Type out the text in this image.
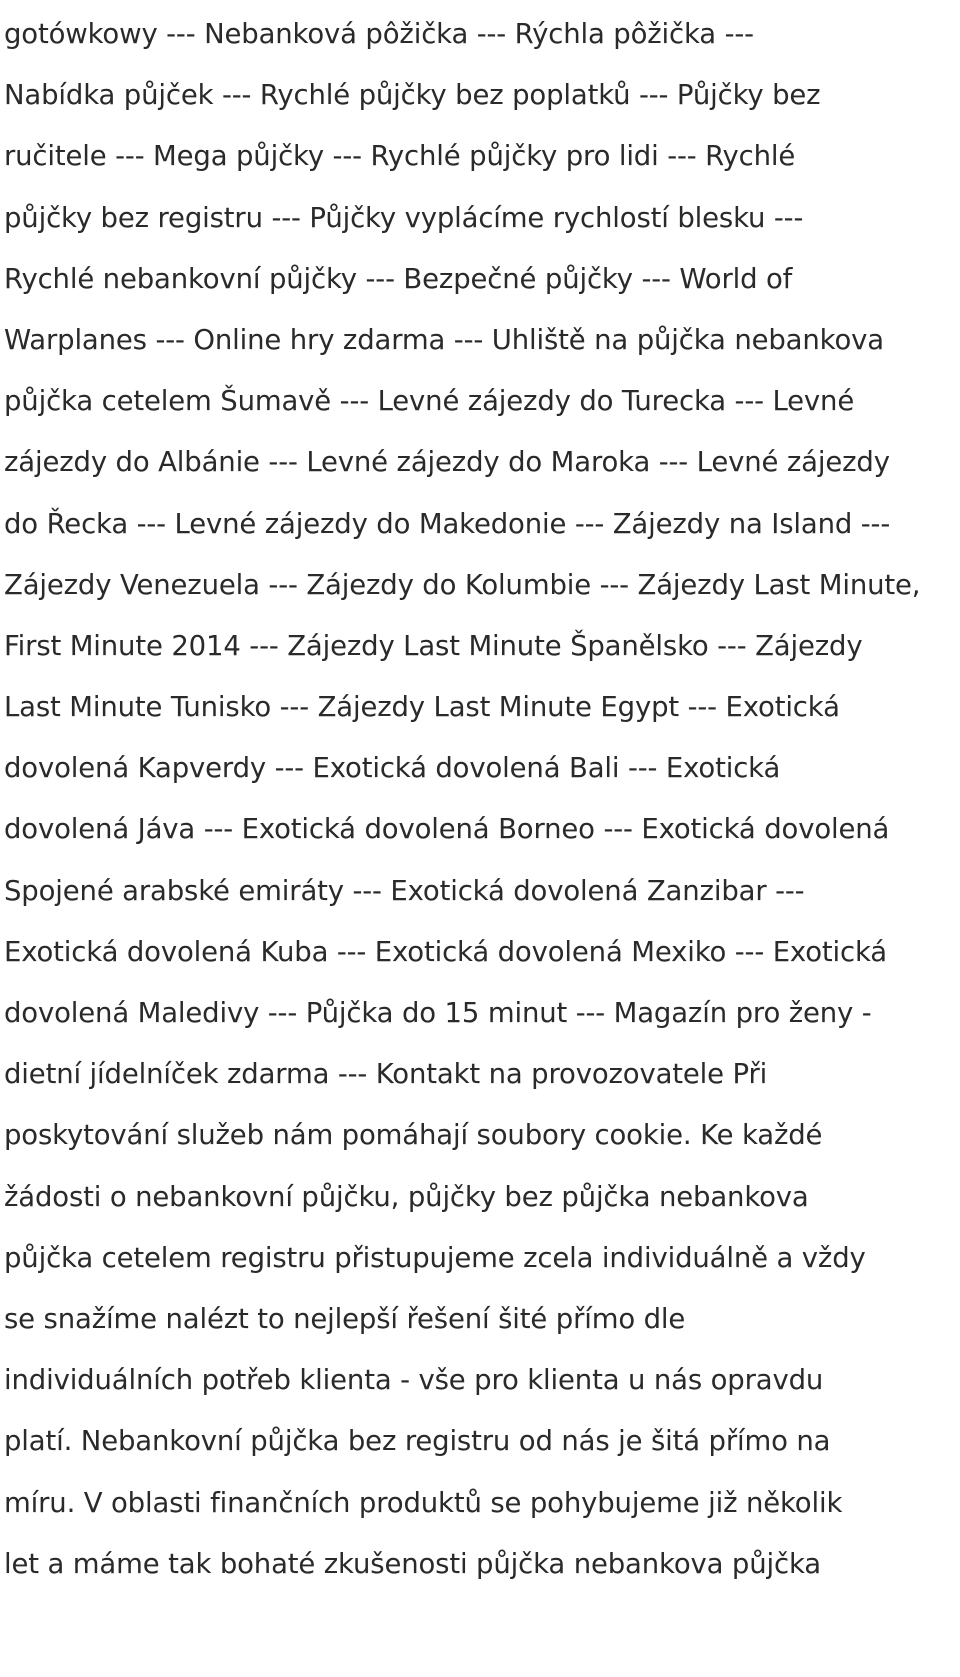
gotówkowy --- Nebanková pôžička --- Rýchla pôžička ---
Nabídka půjček --- Rychlé půjčky bez poplatků --- Půjčky bez
ručitele --- Mega půjčky --- Rychlé půjčky pro lidi --- Rychlé
půjčky bez registru --- Půjčky vyplácíme rychlostí blesku ---
Rychlé nebankovní půjčky --- Bezpečné půjčky --- World of
Warplanes --- Online hry zdarma --- Uhliště na půjčka nebankova
půjčka cetelem Šumavě --- Levné zájezdy do Turecka --- Levné
zájezdy do Albánie --- Levné zájezdy do Maroka --- Levné zájezdy
do Řecka --- Levné zájezdy do Makedonie --- Zájezdy na Island ---
Zájezdy Venezuela --- Zájezdy do Kolumbie --- Zájezdy Last Minute,
First Minute 2014 --- Zájezdy Last Minute Španělsko --- Zájezdy
Last Minute Tunisko --- Zájezdy Last Minute Egypt --- Exotická
dovolená Kapverdy --- Exotická dovolená Bali --- Exotická
dovolená Jáva --- Exotická dovolená Borneo --- Exotická dovolená
Spojené arabské emiráty --- Exotická dovolená Zanzibar ---
Exotická dovolená Kuba --- Exotická dovolená Mexiko --- Exotická
dovolená Maledivy --- Půjčka do 15 minut --- Magazín pro ženy -
dietní jídelníček zdarma --- Kontakt na provozovatele Při
poskytování služeb nám pomáhají soubory cookie. Ke každé
žádosti o nebankovní půjčku, půjčky bez půjčka nebankova
půjčka cetelem registru přistupujeme zcela individuálně a vždy
se snažíme nalézt to nejlepší řešení šité přímo dle
individuálních potřeb klienta - vše pro klienta u nás opravdu
platí. Nebankovní půjčka bez registru od nás je šitá přímo na
míru. V oblasti finančních produktů se pohybujeme již několik
let a máme tak bohaté zkušenosti půjčka nebankova půjčka
